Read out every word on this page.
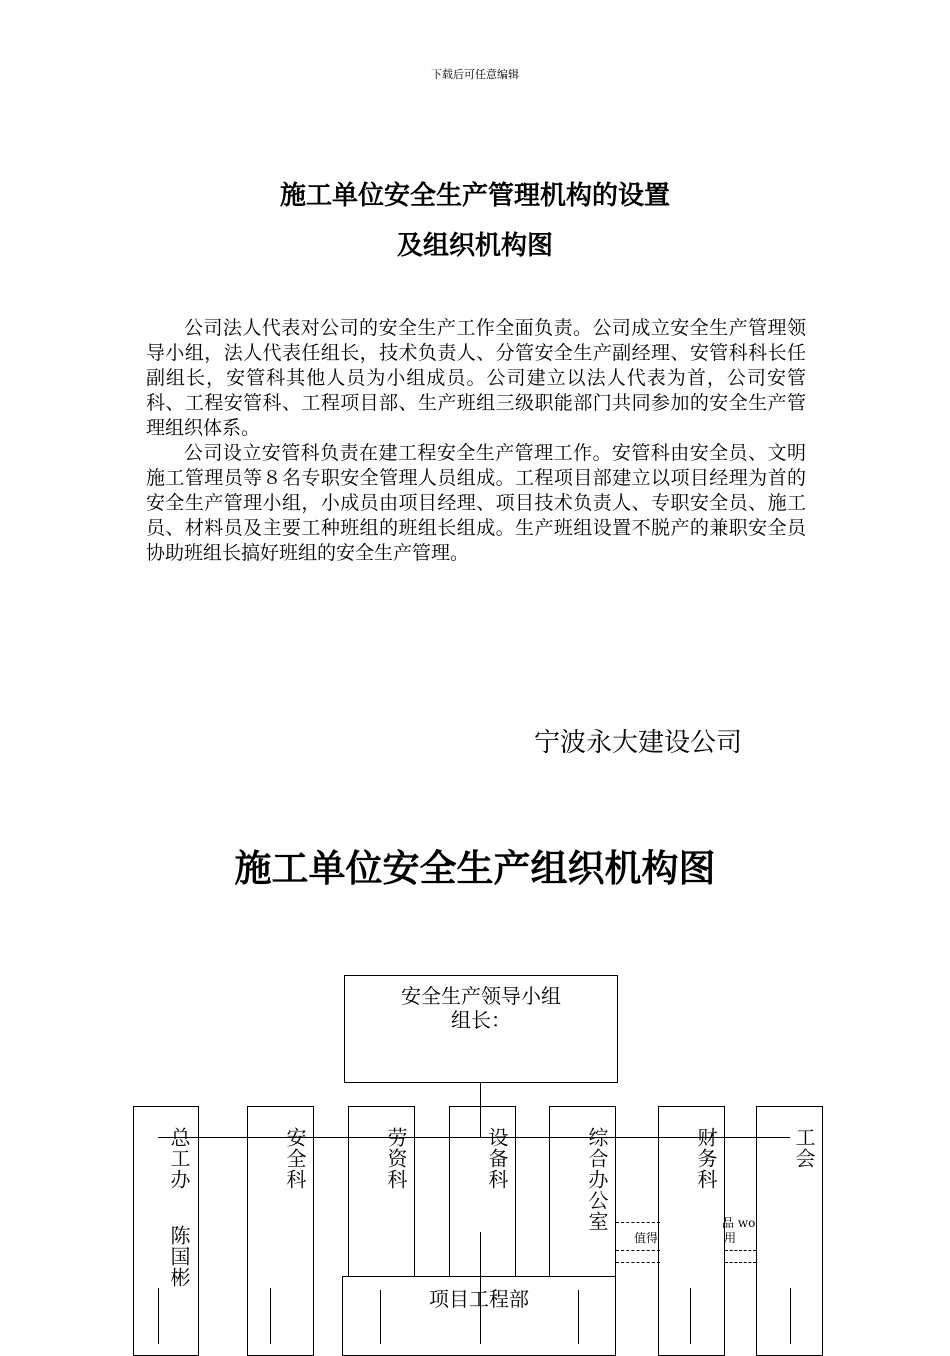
下载后可任意编辑
施工单位安全生产管理机构的设置
及组织机构图

公司法人代表对公司的安全生产工作全面负责。公司成立安全生产管理领导小组，法人代表任组长，技术负责人、分管安全生产副经理、安管科科长任副组长，安管科其他人员为小组成员。公司建立以法人代表为首，公司安管科、工程安管科、工程项目部、生产班组三级职能部门共同参加的安全生产管理组织体系。

公司设立安管科负责在建工程安全生产管理工作。安管科由安全员、文明施工管理员等８名专职安全管理人员组成。工程项目部建立以项目经理为首的安全生产管理小组，小成员由项目经理、项目技术负责人、专职安全员、施工员、材料员及主要工种班组的班组长组成。生产班组设置不脱产的兼职安全员协助班组长搞好班组的安全生产管理。

宁波永大建设公司
施工单位安全生产组织机构图
安全生产领导小组
组长：
总工办
陈国彬
安全科	劳资科	设备科	综合办公室	财务科	工会
值得
品 wo
用
项目工程部
